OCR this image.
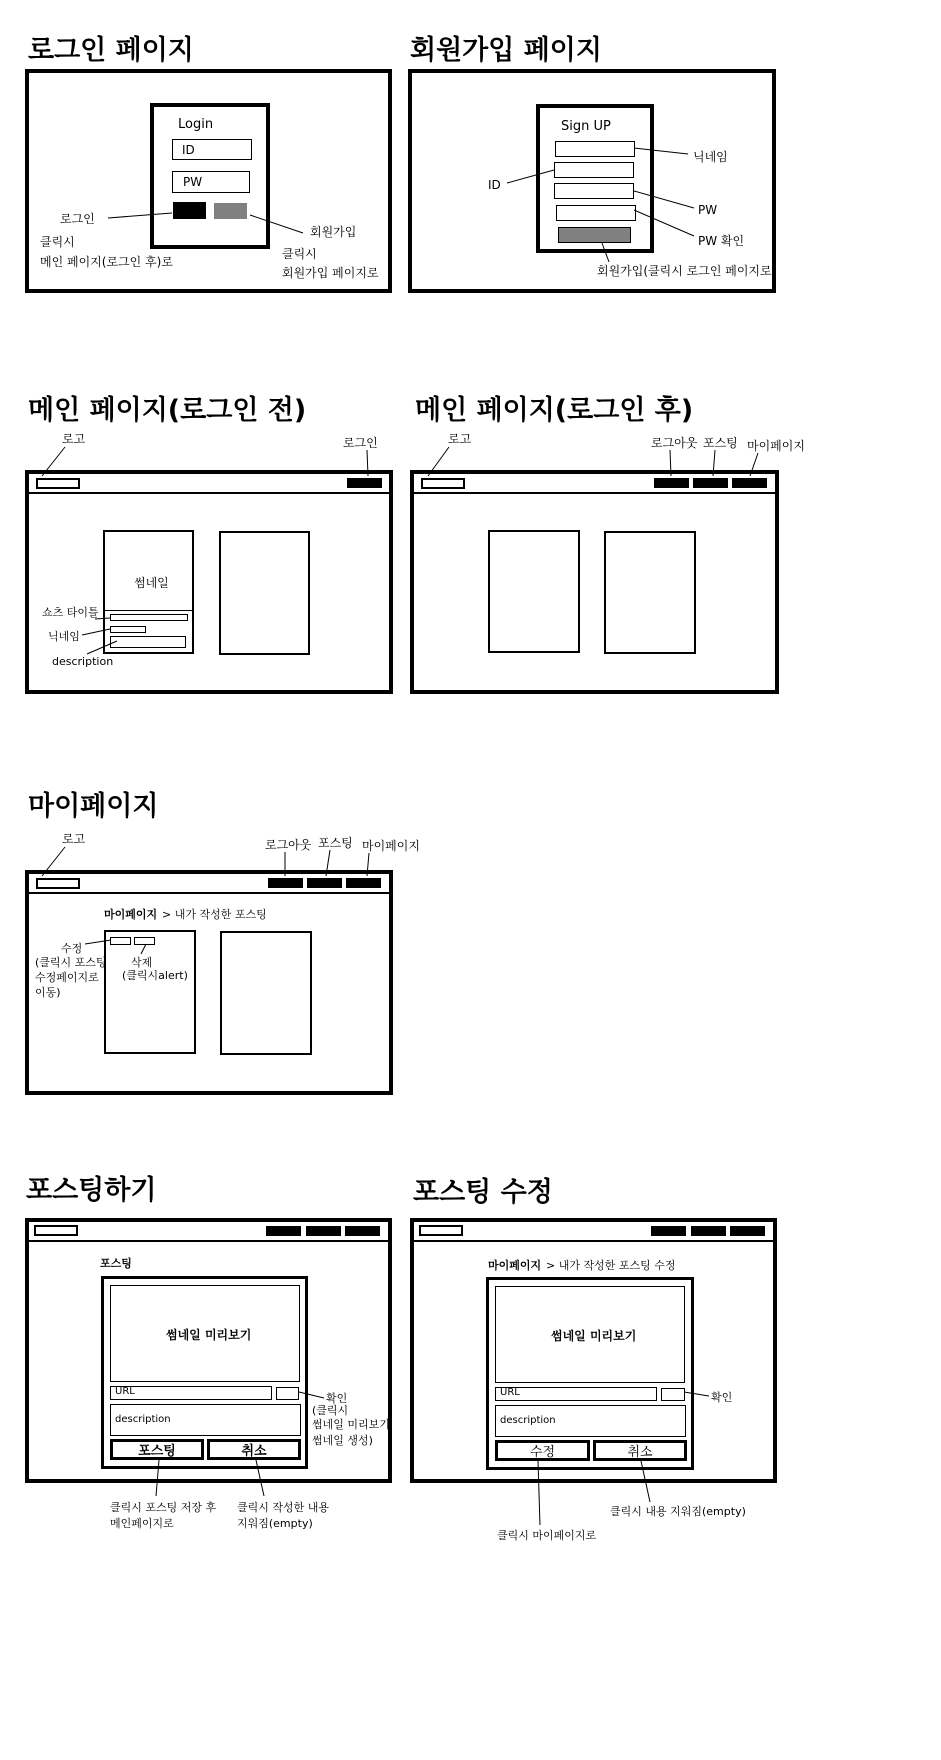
로그인 페이지
Login
ID
PW
로그인
클릭시
메인 페이지(로그인 후)로
회원가입
클릭시
회원가입 페이지로
회원가입 페이지
Sign UP
닉네임
ID
PW
PW 확인
회원가입(클릭시 로그인 페이지로)
메인 페이지(로그인 전)
로고	로그인
썸네일
쇼츠 타이틀
닉네임
description
메인 페이지(로그인 후)
로고	로그아웃 포스팅 마이페이지
마이페이지
로고	로그아웃 포스팅 마이페이지
마이페이지 > 내가 작성한 포스팅
수정
(클릭시 포스팅
수정페이지로
이동)
삭제
(클릭시alert)
포스팅하기
포스팅
썸네일 미리보기
URL
description
포스팅	취소
확인
(클릭시
썸네일 미리보기
썸네일 생성)
클릭시 포스팅 저장 후
메인페이지로
클릭시 작성한 내용
지워짐(empty)
포스팅 수정
마이페이지 > 내가 작성한 포스팅 수정
썸네일 미리보기
URL
description
수정	취소
확인
클릭시 내용 지워짐(empty)
클릭시 마이페이지로
